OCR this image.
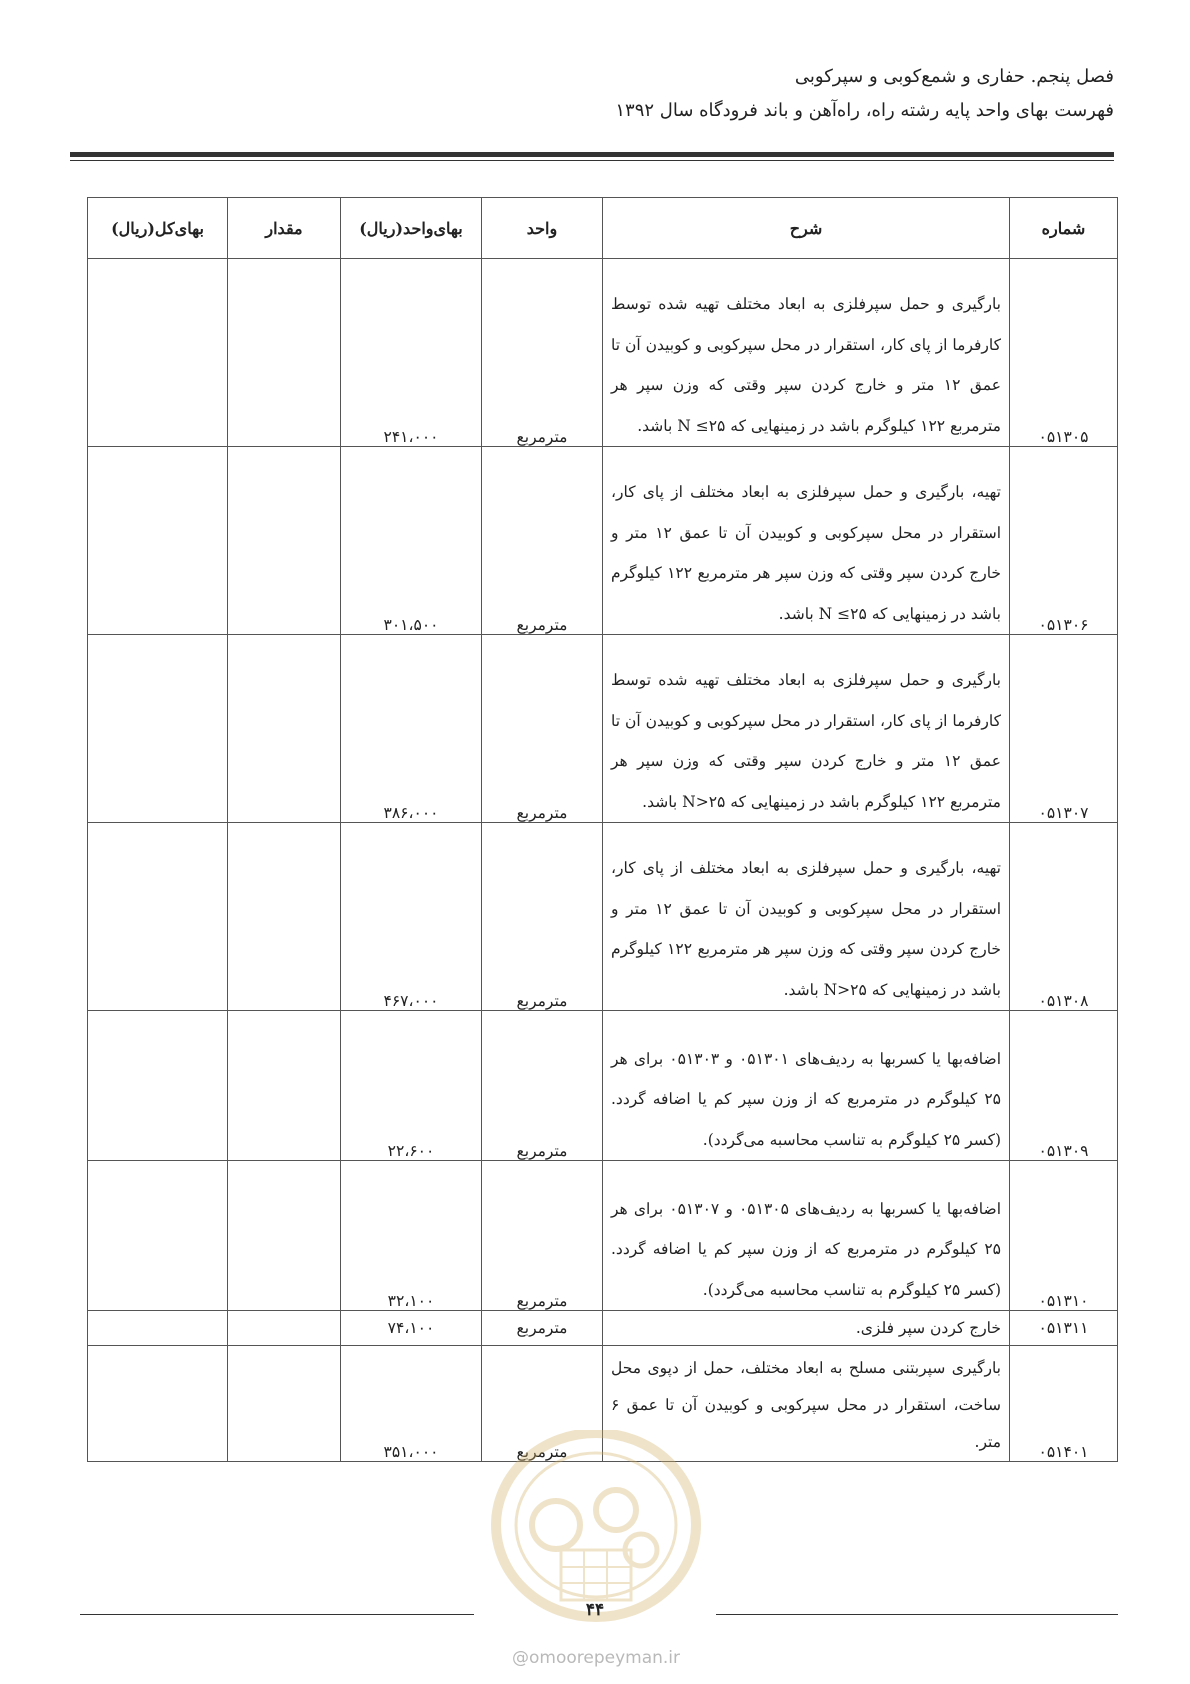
فصل پنجم. حفاری و شمع‌کوبی و سپرکوبی
فهرست بهای واحد پایه رشته راه، راه‌آهن و باند فرودگاه سال ۱۳۹۲
شماره	شرح	واحد	بهای‌واحد(ریال)	مقدار	بهای‌کل(ریال)
۰۵۱۳۰۵	بارگیری و حمل سپرفلزی به ابعاد مختلف تهیه شده توسط کارفرما از پای کار، استقرار در محل سپرکوبی و کوبیدن آن تا عمق ۱۲ متر و خارج کردن سپر وقتی که وزن سپر هر مترمربع ۱۲۲ کیلوگرم باشد در زمینهایی که N ≤۲۵ باشد.	مترمربع	۲۴۱،۰۰۰		
۰۵۱۳۰۶	تهیه، بارگیری و حمل سپرفلزی به ابعاد مختلف از پای کار، استقرار در محل سپرکوبی و کوبیدن آن تا عمق ۱۲ متر و خارج کردن سپر وقتی که وزن سپر هر مترمربع ۱۲۲ کیلوگرم باشد در زمینهایی که N ≤۲۵ باشد.	مترمربع	۳۰۱،۵۰۰		
۰۵۱۳۰۷	بارگیری و حمل سپرفلزی به ابعاد مختلف تهیه شده توسط کارفرما از پای کار، استقرار در محل سپرکوبی و کوبیدن آن تا عمق ۱۲ متر و خارج کردن سپر وقتی که وزن سپر هر مترمربع ۱۲۲ کیلوگرم باشد در زمینهایی که N>۲۵ باشد.	مترمربع	۳۸۶،۰۰۰		
۰۵۱۳۰۸	تهیه، بارگیری و حمل سپرفلزی به ابعاد مختلف از پای کار، استقرار در محل سپرکوبی و کوبیدن آن تا عمق ۱۲ متر و خارج کردن سپر وقتی که وزن سپر هر مترمربع ۱۲۲ کیلوگرم باشد در زمینهایی که N>۲۵ باشد.	مترمربع	۴۶۷،۰۰۰		
۰۵۱۳۰۹	اضافه‌بها یا کسربها به ردیف‌های ۰۵۱۳۰۱ و ۰۵۱۳۰۳ برای هر ۲۵ کیلوگرم در مترمربع که از وزن سپر کم یا اضافه گردد.(کسر ۲۵ کیلوگرم به تناسب محاسبه می‌گردد).	مترمربع	۲۲،۶۰۰		
۰۵۱۳۱۰	اضافه‌بها یا کسربها به ردیف‌های ۰۵۱۳۰۵ و ۰۵۱۳۰۷ برای هر ۲۵ کیلوگرم در مترمربع که از وزن سپر کم یا اضافه گردد.(کسر ۲۵ کیلوگرم به تناسب محاسبه می‌گردد).	مترمربع	۳۲،۱۰۰		
۰۵۱۳۱۱	خارج کردن سپر فلزی.	مترمربع	۷۴،۱۰۰		
۰۵۱۴۰۱	بارگیری سپربتنی مسلح به ابعاد مختلف، حمل از دپوی محل ساخت، استقرار در محل سپرکوبی و کوبیدن آن تا عمق ۶ متر.	مترمربع	۳۵۱،۰۰۰		
۴۴
@omoorepeyman.ir
